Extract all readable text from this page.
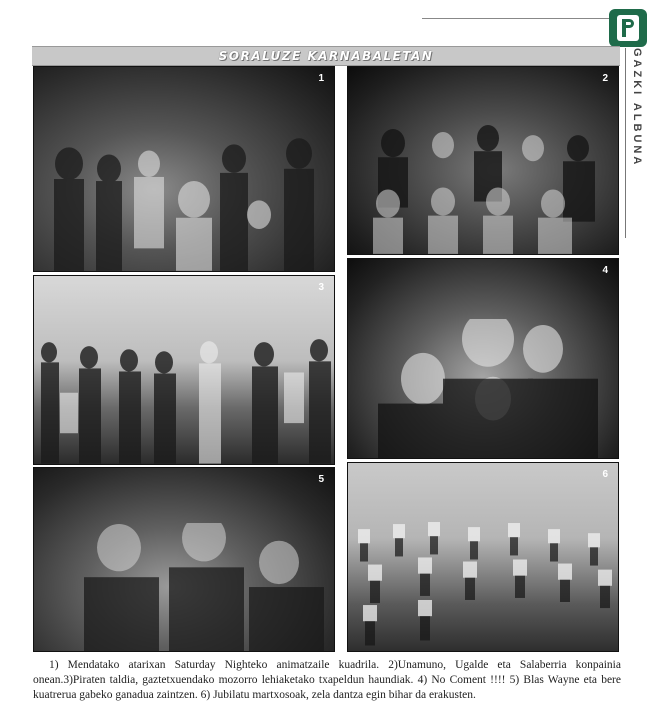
GAZKI ALBUNA
SORALUZE KARNABALETAN
1	2
3
4
5	6
1) Mendatako atarixan Saturday Nighteko animatzaile kuadrila. 2)Unamuno, Ugalde eta Salaberria konpainia onean.3)Piraten taldia, gaztetxuendako mozorro lehiaketako txapeldun haundiak. 4) No Coment !!!! 5) Blas Wayne eta bere kuatrerua gabeko ganadua zaintzen. 6) Jubilatu martxosoak, zela dantza egin bihar da erakusten.
